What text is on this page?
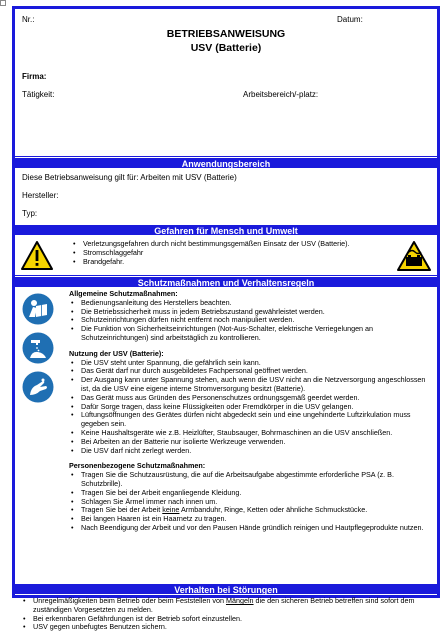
Nr.:	Datum:
BETRIEBSANWEISUNG
USV (Batterie)
Firma:
Tätigkeit:	Arbeitsbereich/-platz:
Anwendungsbereich
Diese Betriebsanweisung gilt für: Arbeiten mit USV (Batterie)
Hersteller:
Typ:
Gefahren für Mensch und Umwelt
• Verletzungsgefahren durch nicht bestimmungsgemäßen Einsatz der USV (Batterie).
• Stromschlaggefahr
• Brandgefahr.
Schutzmaßnahmen und Verhaltensregeln
Allgemeine Schutzmaßnahmen:
• Bedienungsanleitung des Herstellers beachten.
• Die Betriebssicherheit muss in jedem Betriebszustand gewährleistet werden.
• Schutzeinrichtungen dürfen nicht entfernt noch manipuliert werden.
• Die Funktion von Sicherheitseinrichtungen (Not-Aus-Schalter, elektrische Verriegelungen an Schutzeinrichtungen) sind arbeitstäglich zu kontrollieren.
Nutzung der USV (Batterie):
• Die USV steht unter Spannung, die gefährlich sein kann.
• Das Gerät darf nur durch ausgebildetes Fachpersonal geöffnet werden.
• Der Ausgang kann unter Spannung stehen, auch wenn die USV nicht an die Netzversorgung angeschlossen ist, da die USV eine eigene interne Stromversorgung besitzt (Batterie).
• Das Gerät muss aus Gründen des Personenschutzes ordnungsgemäß geerdet werden.
• Dafür Sorge tragen, dass keine Flüssigkeiten oder Fremdkörper in die USV gelangen.
• Lüftungsöffnungen des Gerätes dürfen nicht abgedeckt sein und eine ungehinderte Luftzirkulation muss gegeben sein.
• Keine Haushaltsgeräte wie z.B. Heizlüfter, Staubsauger, Bohrmaschinen an die USV anschließen.
• Bei Arbeiten an der Batterie nur isolierte Werkzeuge verwenden.
• Die USV darf nicht zerlegt werden.
Personenbezogene Schutzmaßnahmen:
• Tragen Sie die Schutzausrüstung, die auf die Arbeitsaufgabe abgestimmte erforderliche PSA (z. B. Schutzbrille).
• Tragen Sie bei der Arbeit enganliegende Kleidung.
• Schlagen Sie Ärmel immer nach innen um.
• Tragen Sie bei der Arbeit keine Armbanduhr, Ringe, Ketten oder ähnliche Schmuckstücke.
• Bei langen Haaren ist ein Haarnetz zu tragen.
• Nach Beendigung der Arbeit und vor den Pausen Hände gründlich reinigen und Hautpflegeprodukte nutzen.
Verhalten bei Störungen
• Unregelmäßigkeiten beim Betrieb oder beim Feststellen von Mängeln die den sicheren Betrieb betreffen sind sofort dem zuständigen Vorgesetzten zu melden.
• Bei erkennbaren Gefährdungen ist der Betrieb sofort einzustellen.
• USV gegen unbefugtes Benutzen sichern.
